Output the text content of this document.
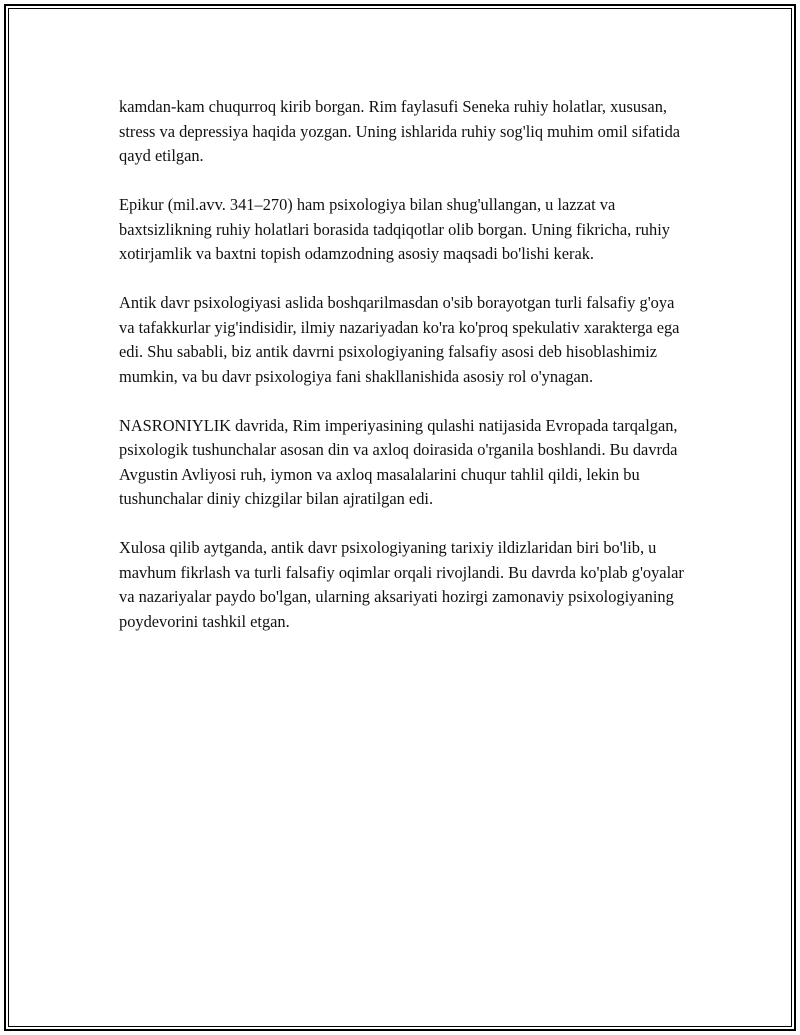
kamdan-kam chuqurroq kirib borgan. Rim faylasufi Seneka ruhiy holatlar, xususan, stress va depressiya haqida yozgan. Uning ishlarida ruhiy sog'liq muhim omil sifatida qayd etilgan.

Epikur (mil.avv. 341–270) ham psixologiya bilan shug'ullangan, u lazzat va baxtsizlikning ruhiy holatlari borasida tadqiqotlar olib borgan. Uning fikricha, ruhiy xotirjamlik va baxtni topish odamzodning asosiy maqsadi bo'lishi kerak.

Antik davr psixologiyasi aslida boshqarilmasdan o'sib borayotgan turli falsafiy g'oya va tafakkurlar yig'indisidir, ilmiy nazariyadan ko'ra ko'proq spekulativ xarakterga ega edi. Shu sababli, biz antik davrni psixologiyaning falsafiy asosi deb hisoblashimiz mumkin, va bu davr psixologiya fani shakllanishida asosiy rol o'ynagan.

NASRONIYLIK davrida, Rim imperiyasining qulashi natijasida Evropada tarqalgan, psixologik tushunchalar asosan din va axloq doirasida o'rganila boshlandi. Bu davrda Avgustin Avliyosi ruh, iymon va axloq masalalarini chuqur tahlil qildi, lekin bu tushunchalar diniy chizgilar bilan ajratilgan edi.

Xulosa qilib aytganda, antik davr psixologiyaning tarixiy ildizlaridan biri bo'lib, u mavhum fikrlash va turli falsafiy oqimlar orqali rivojlandi. Bu davrda ko'plab g'oyalar va nazariyalar paydo bo'lgan, ularning aksariyati hozirgi zamonaviy psixologiyaning poydevorini tashkil etgan.
